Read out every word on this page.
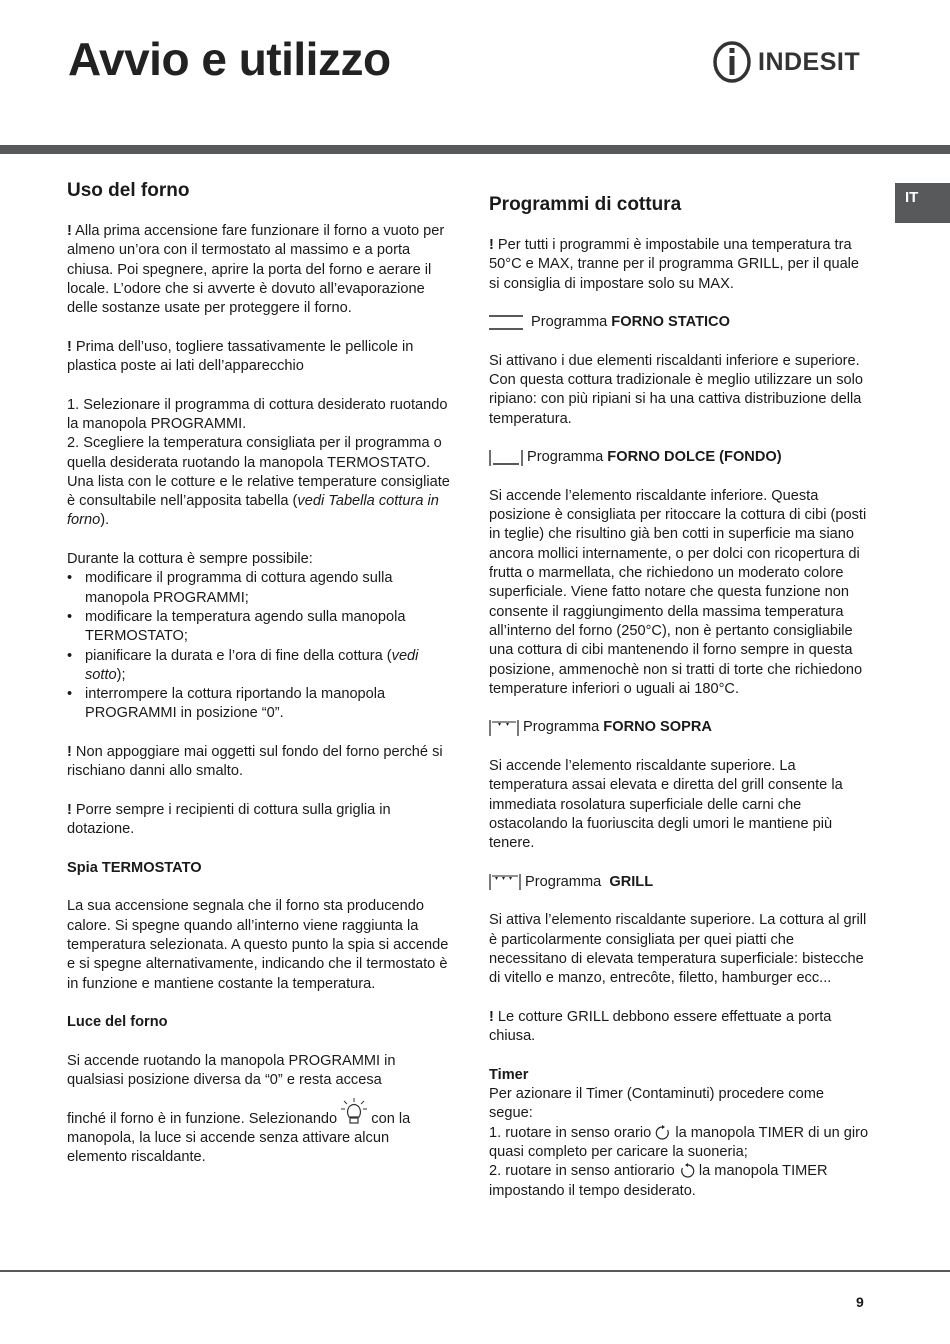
Avvio e utilizzo	INDESIT
IT
Uso del forno

! Alla prima accensione fare funzionare il forno a vuoto per almeno un’ora con il termostato al massimo e a porta chiusa. Poi spegnere, aprire la porta del forno e aerare il locale. L’odore che si avverte è dovuto all’evaporazione delle sostanze usate per proteggere il forno.

! Prima dell’uso, togliere tassativamente le pellicole in plastica poste ai lati dell’apparecchio

1. Selezionare il programma di cottura desiderato ruotando la manopola PROGRAMMI.

2. Scegliere la temperatura consigliata per il programma o quella desiderata ruotando la manopola TERMOSTATO.

Una lista con le cotture e le relative temperature consigliate è consultabile nell’apposita tabella (vedi Tabella cottura in forno).

Durante la cottura è sempre possibile:

• modificare il programma di cottura agendo sulla manopola PROGRAMMI;
• modificare la temperatura agendo sulla manopola TERMOSTATO;
• pianificare la durata e l’ora di fine della cottura (vedi sotto);
• interrompere la cottura riportando la manopola PROGRAMMI in posizione “0”.

! Non appoggiare mai oggetti sul fondo del forno perché si rischiano danni allo smalto.

! Porre sempre i recipienti di cottura sulla griglia in dotazione.

Spia TERMOSTATO

La sua accensione segnala che il forno sta producendo calore. Si spegne quando all’interno viene raggiunta la temperatura selezionata. A questo punto la spia si accende e si spegne alternativamente, indicando che il termostato è in funzione e mantiene costante la temperatura.

Luce del forno

Si accende ruotando la manopola PROGRAMMI in qualsiasi posizione diversa da “0” e resta accesa

finché il forno è in funzione. Selezionando  con la manopola, la luce si accende senza attivare alcun elemento riscaldante.

Programmi di cottura

! Per tutti i programmi è impostabile una temperatura tra 50°C e MAX, tranne per il programma GRILL, per il quale si consiglia di impostare solo su MAX.

Programma
FORNO STATICO

Si attivano i due elementi riscaldanti inferiore e superiore. Con questa cottura tradizionale è meglio utilizzare un solo ripiano: con più ripiani si ha una cattiva distribuzione della temperatura.

Programma
FORNO DOLCE (FONDO)

Si accende l’elemento riscaldante inferiore. Questa posizione è consigliata per ritoccare la cottura di cibi (posti in teglie) che risultino già ben cotti in superficie ma siano ancora mollici internamente, o per dolci con ricopertura di frutta o marmellata, che richiedono un moderato colore superficiale. Viene fatto notare che questa funzione non consente il raggiungimento della massima temperatura all’interno del forno (250°C), non è pertanto consigliabile una cottura di cibi mantenendo il forno sempre in questa posizione, ammenochè non si tratti di torte che richiedono temperature inferiori o uguali ai 180°C.

Programma
FORNO SOPRA

Si accende l’elemento riscaldante superiore. La temperatura assai elevata e diretta del grill consente la immediata rosolatura superficiale delle carni che ostacolando la fuoriuscita degli umori le mantiene più tenere.

Programma GRILL

Si attiva l’elemento riscaldante superiore. La cottura al grill è particolarmente consigliata per quei piatti che necessitano di elevata temperatura superficiale: bistecche di vitello e manzo, entrecôte, filetto, hamburger ecc...

! Le cotture GRILL debbono essere effettuate a porta chiusa.

Timer

Per azionare il Timer (Contaminuti) procedere come segue:

1. ruotare in senso orario  la manopola TIMER di un giro quasi completo per caricare la suoneria;

2. ruotare in senso antiorario  la manopola TIMER impostando il tempo desiderato.

9
